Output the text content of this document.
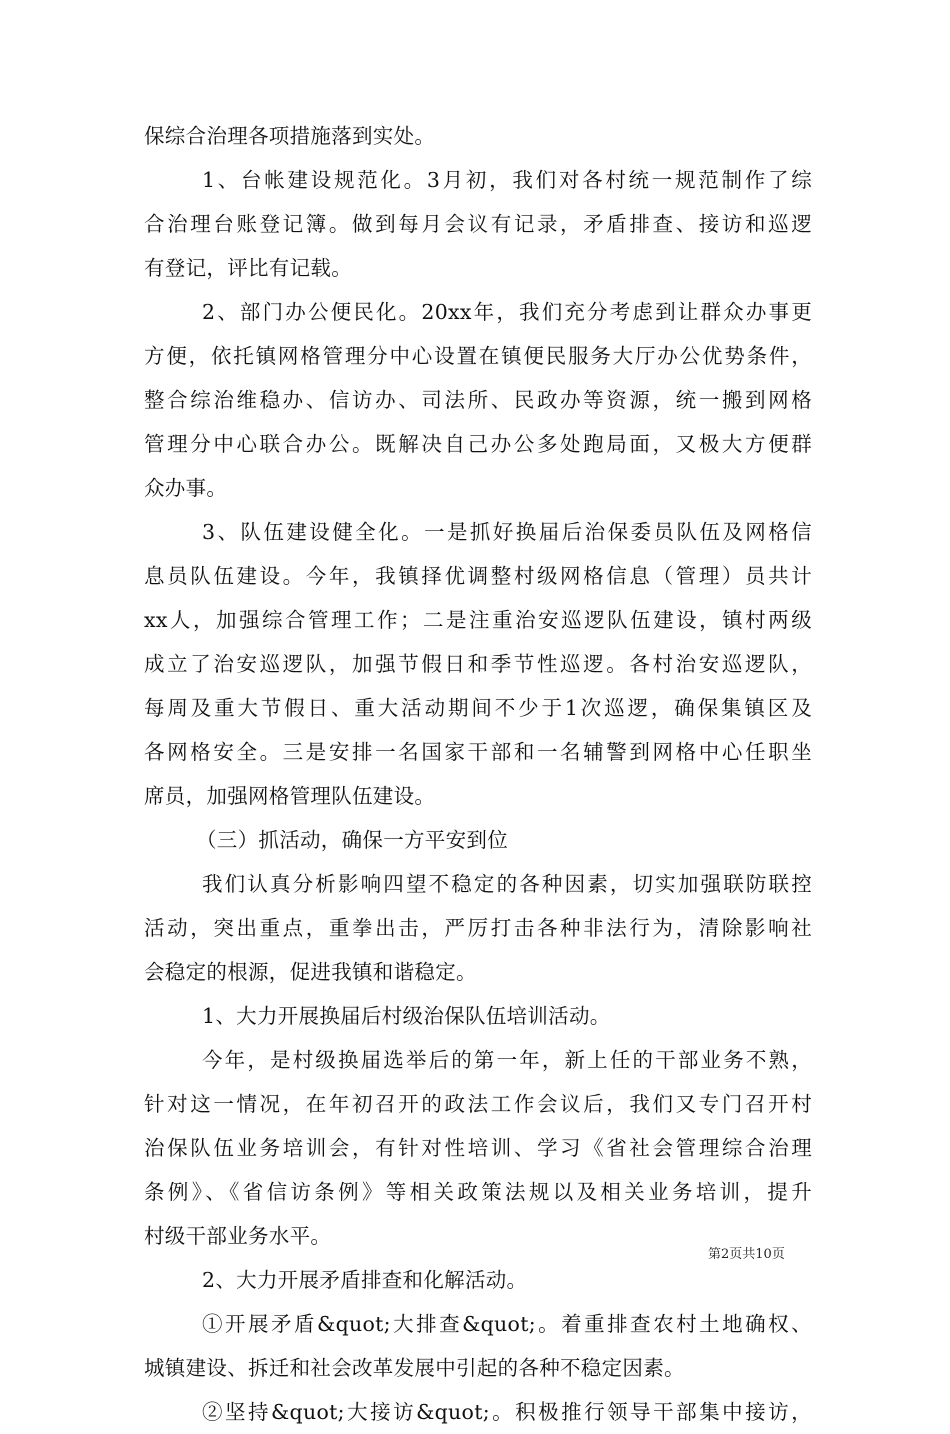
保综合治理各项措施落到实处。
1、台帐建设规范化。3月初，我们对各村统一规范制作了综
合治理台账登记簿。做到每月会议有记录，矛盾排查、接访和巡逻
有登记，评比有记载。
2、部门办公便民化。20xx年，我们充分考虑到让群众办事更
方便，依托镇网格管理分中心设置在镇便民服务大厅办公优势条件，
整合综治维稳办、信访办、司法所、民政办等资源，统一搬到网格
管理分中心联合办公。既解决自己办公多处跑局面，又极大方便群
众办事。
3、队伍建设健全化。一是抓好换届后治保委员队伍及网格信
息员队伍建设。今年，我镇择优调整村级网格信息（管理）员共计
xx人，加强综合管理工作；二是注重治安巡逻队伍建设，镇村两级
成立了治安巡逻队，加强节假日和季节性巡逻。各村治安巡逻队，
每周及重大节假日、重大活动期间不少于1次巡逻，确保集镇区及
各网格安全。三是安排一名国家干部和一名辅警到网格中心任职坐
席员，加强网格管理队伍建设。
（三）抓活动，确保一方平安到位
我们认真分析影响四望不稳定的各种因素，切实加强联防联控
活动，突出重点，重拳出击，严厉打击各种非法行为，清除影响社
会稳定的根源，促进我镇和谐稳定。
1、大力开展换届后村级治保队伍培训活动。
今年，是村级换届选举后的第一年，新上任的干部业务不熟，
针对这一情况，在年初召开的政法工作会议后，我们又专门召开村
治保队伍业务培训会，有针对性培训、学习《省社会管理综合治理
条例》、《省信访条例》等相关政策法规以及相关业务培训，提升
村级干部业务水平。
2、大力开展矛盾排查和化解活动。
①开展矛盾&quot;大排查&quot;。着重排查农村土地确权、
城镇建设、拆迁和社会改革发展中引起的各种不稳定因素。
②坚持&quot;大接访&quot;。积极推行领导干部集中接访，
第2页共10页
